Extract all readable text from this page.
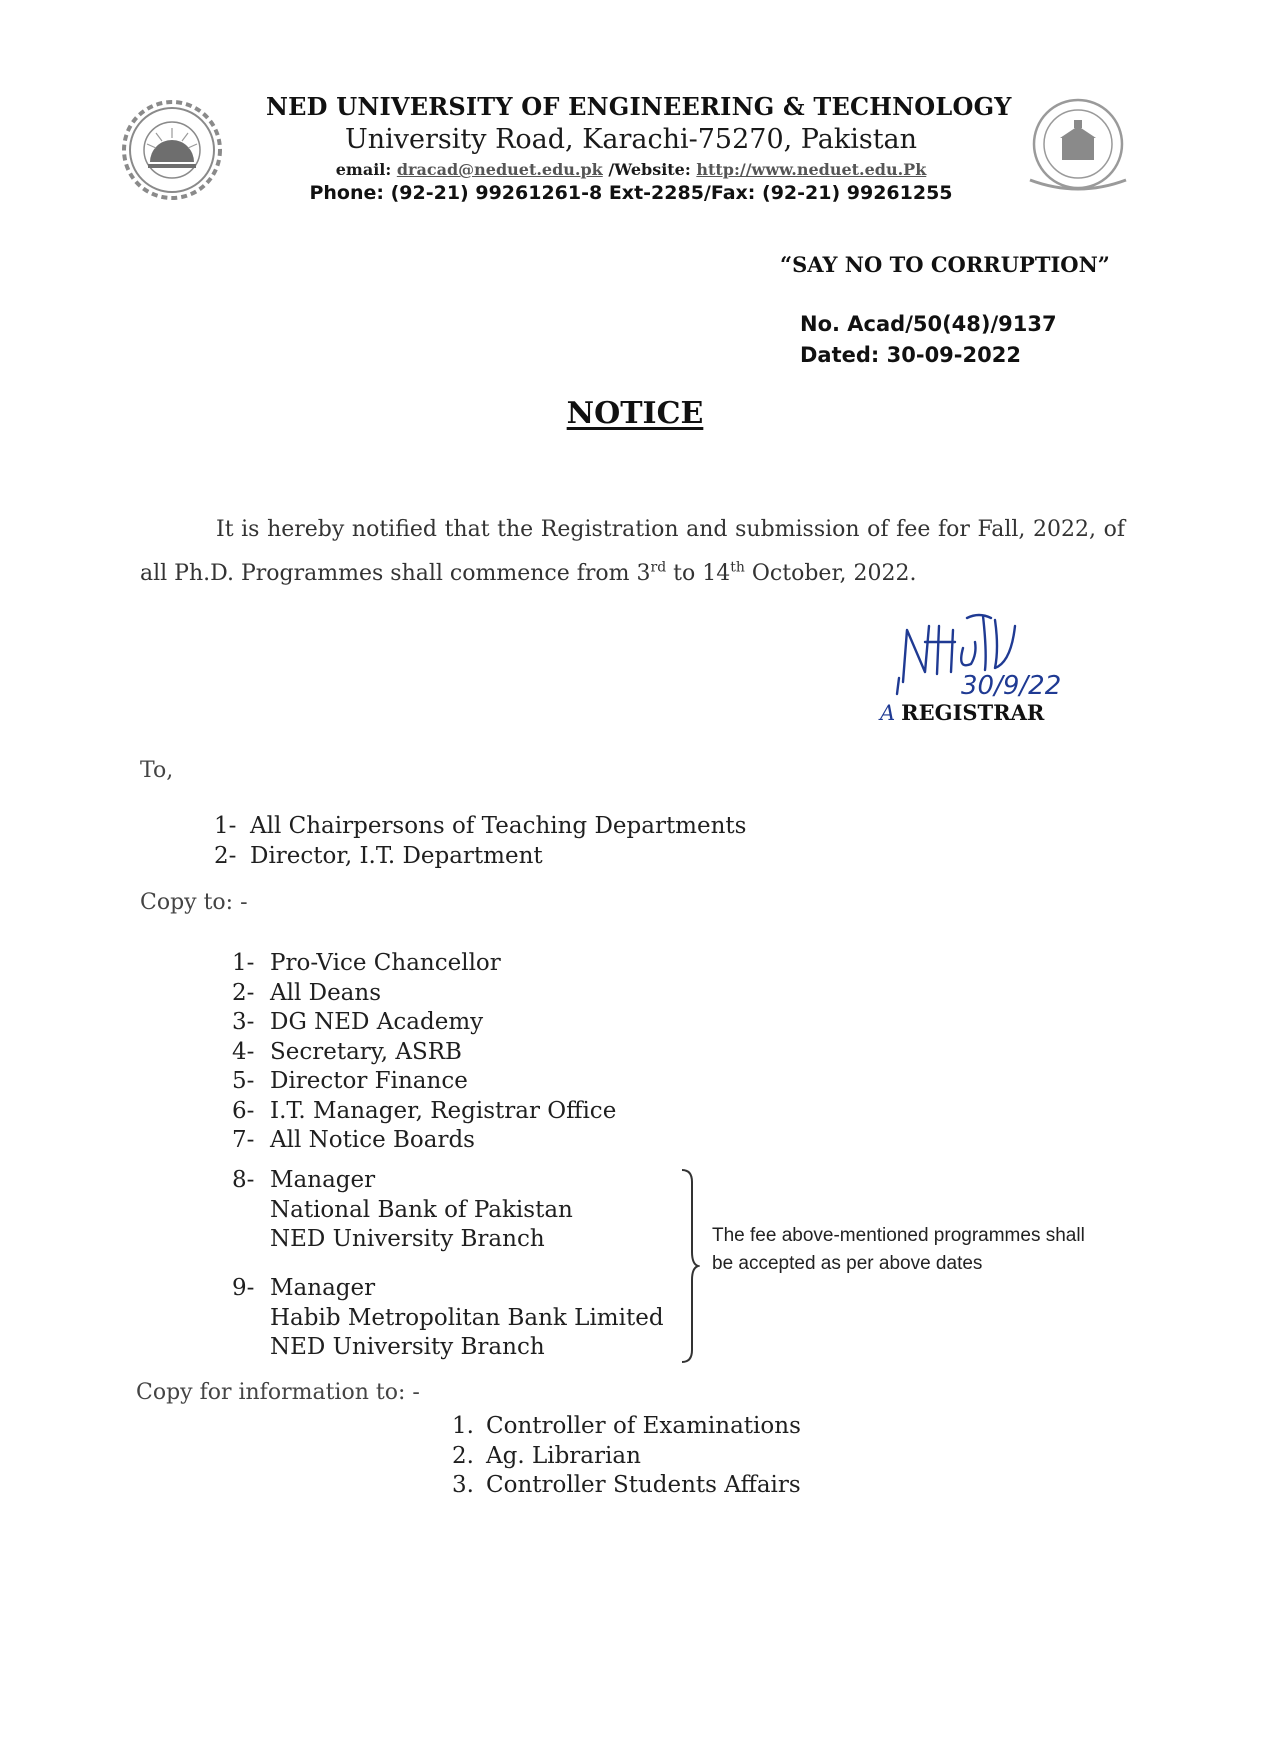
NED UNIVERSITY OF ENGINEERING & TECHNOLOGY
University Road, Karachi-75270, Pakistan
email: dracad@neduet.edu.pk /Website: http://www.neduet.edu.Pk
Phone: (92-21) 99261261-8 Ext-2285/Fax: (92-21) 99261255
“SAY NO TO CORRUPTION”
No. Acad/50(48)/9137
Dated: 30-09-2022
NOTICE
It is hereby notified that the Registration and submission of fee for Fall, 2022, of all Ph.D. Programmes shall commence from 3rd to 14th October, 2022.
30/9/22
A REGISTRAR
To,
1- All Chairpersons of Teaching Departments
2- Director, I.T. Department
Copy to: -
1- Pro-Vice Chancellor
2- All Deans
3- DG NED Academy
4- Secretary, ASRB
5- Director Finance
6- I.T. Manager, Registrar Office
7- All Notice Boards
8- Manager
National Bank of Pakistan
NED University Branch
9- Manager
Habib Metropolitan Bank Limited
NED University Branch
The fee above-mentioned programmes shall be accepted as per above dates
Copy for information to: -
1. Controller of Examinations
2. Ag. Librarian
3. Controller Students Affairs
